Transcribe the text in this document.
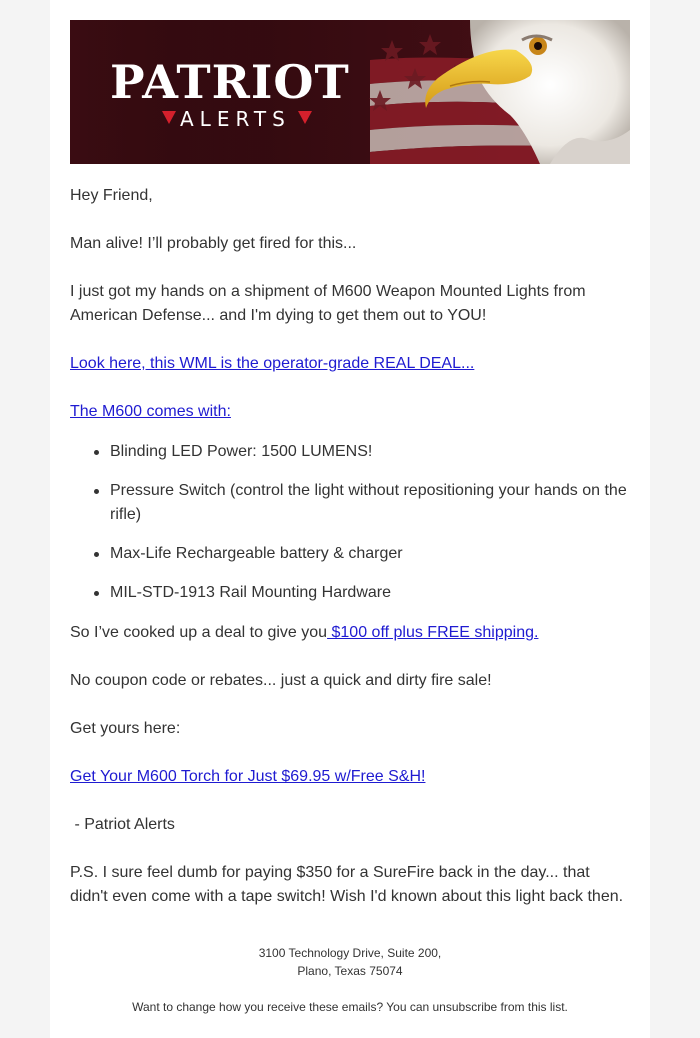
PATRIOT
ALERTS

Hey Friend,

Man alive! I’ll probably get fired for this...

I just got my hands on a shipment of M600 Weapon Mounted Lights from American Defense... and I'm dying to get them out to YOU!

Look here, this WML is the operator-grade REAL DEAL...

The M600 comes with:

Blinding LED Power: 1500 LUMENS!
Pressure Switch (control the light without repositioning your hands on the rifle)
Max-Life Rechargeable battery & charger
MIL-STD-1913 Rail Mounting Hardware

So I’ve cooked up a deal to give you $100 off plus FREE shipping.

No coupon code or rebates... just a quick and dirty fire sale!

Get yours here:

Get Your M600 Torch for Just $69.95 w/Free S&H!

- Patriot Alerts

P.S. I sure feel dumb for paying $350 for a SureFire back in the day... that didn't even come with a tape switch! Wish I'd known about this light back then.

3100 Technology Drive, Suite 200,
Plano, Texas 75074
Want to change how you receive these emails? You can unsubscribe from this list.
